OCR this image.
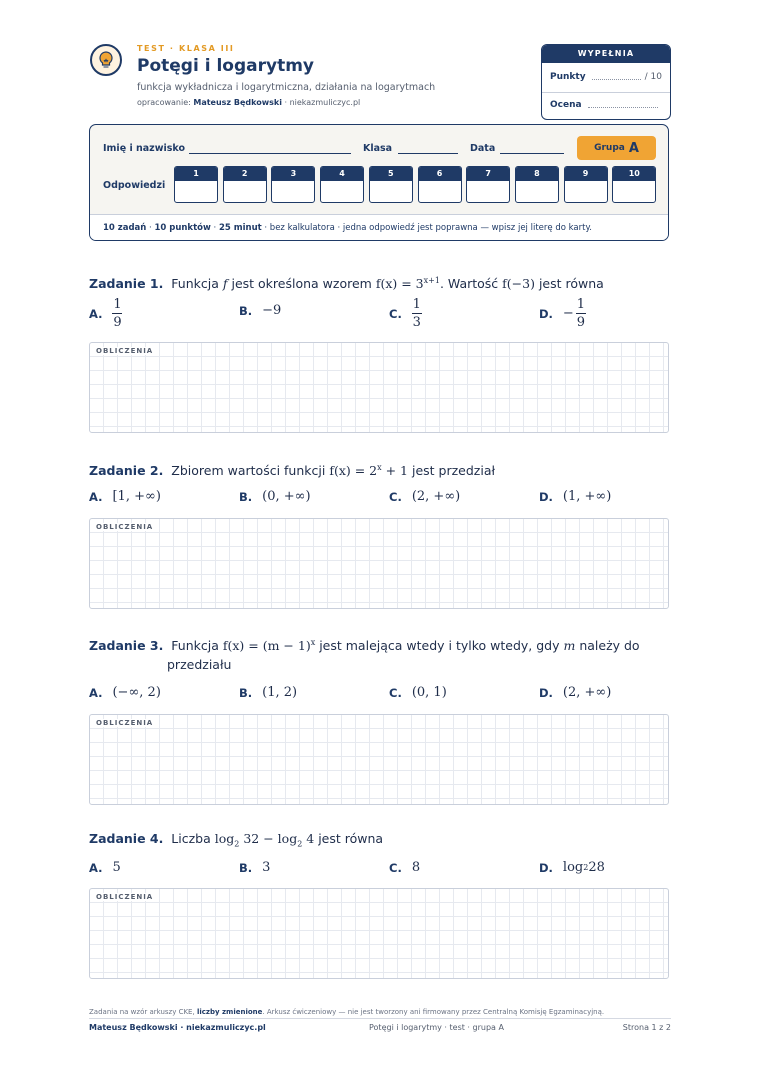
TEST · KLASA III
Potęgi i logarytmy
funkcja wykładnicza i logarytmiczna, działania na logarytmach
opracowanie: Mateusz Będkowski · niekazmuliczyc.pl
WYPEŁNIA NAUCZYCIEL
Punkty	/ 10
Ocena
Imię i nazwisko	Klasa	Data	Grupa A
Odpowiedzi
1	2	3	4	5	6	7	8	9	10
10 zadań · 10 punktów · 25 minut · bez kalkulatora · jedna odpowiedź jest poprawna — wpisz jej literę do karty.
Zadanie 1. Funkcja f jest określona wzorem $f(x) = 3^{x+1}$. Wartość f(−3) jest równa
A. $\frac{1}{9}$	B. −9	C. $\frac{1}{3}$	D. − $\frac{1}{9}$
OBLICZENIA
Zadanie 2. Zbiorem wartości funkcji $f(x) = 2^x + 1$ jest przedział
A. [1, +∞)	B. (0, +∞)	C. (2, +∞)	D. (1, +∞)
OBLICZENIA
Zadanie 3. Funkcja $f(x) = (m - 1)^x$ jest malejąca wtedy i tylko wtedy, gdy m należy do
przedziału
A. (−∞, 2)	B. (1, 2)	C. (0, 1)	D. (2, +∞)
OBLICZENIA
Zadanie 4. Liczba $\log_2 32 - \log_2 4$ jest równa
A. 5	B. 3	C. 8	D. log 2 28
OBLICZENIA
Zadania na wzór arkuszy CKE, liczby zmienione. Arkusz ćwiczeniowy — nie jest tworzony ani firmowany przez Centralną Komisję Egzaminacyjną.
Mateusz Będkowski · niekazmuliczyc.pl	Potęgi i logarytmy · test · grupa A	Strona 1 z 2
